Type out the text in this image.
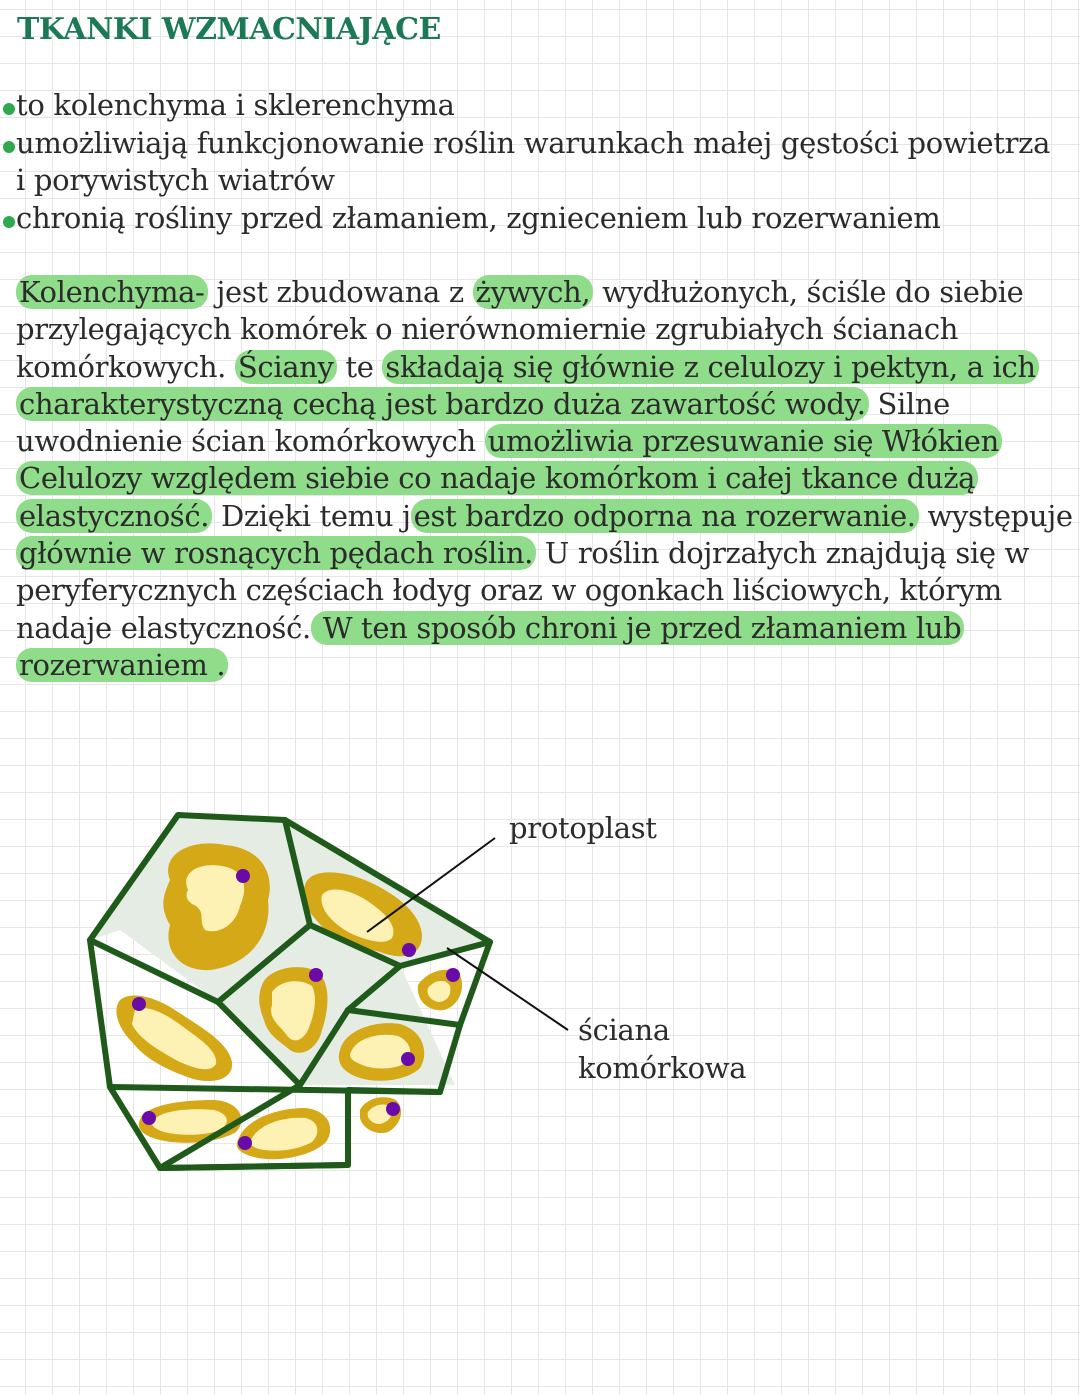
TKANKI WZMACNIAJĄCE
to kolenchyma i sklerenchyma
umożliwiają funkcjonowanie roślin warunkach małej gęstości powietrza i porywistych wiatrów
chronią rośliny przed złamaniem, zgnieceniem lub rozerwaniem

Kolenchyma- jest zbudowana z żywych, wydłużonych, ściśle do siebie przylegających komórek o nierównomiernie zgrubiałych ścianach komórkowych. Ściany te składają się głównie z celulozy i pektyn, a ich charakterystyczną cechą jest bardzo duża zawartość wody. Silne uwodnienie ścian komórkowych umożliwia przesuwanie się Włókien Celulozy względem siebie co nadaje komórkom i całej tkance dużą elastyczność. Dzięki temu j est bardzo odporna na rozerwanie. występuje głównie w rosnących pędach roślin. U roślin dojrzałych znajdują się w peryferycznych częściach łodyg oraz w ogonkach liściowych, którym nadaje elastyczność. W ten sposób chroni je przed złamaniem lub rozerwaniem .

protoplast

ściana

komórkowa
